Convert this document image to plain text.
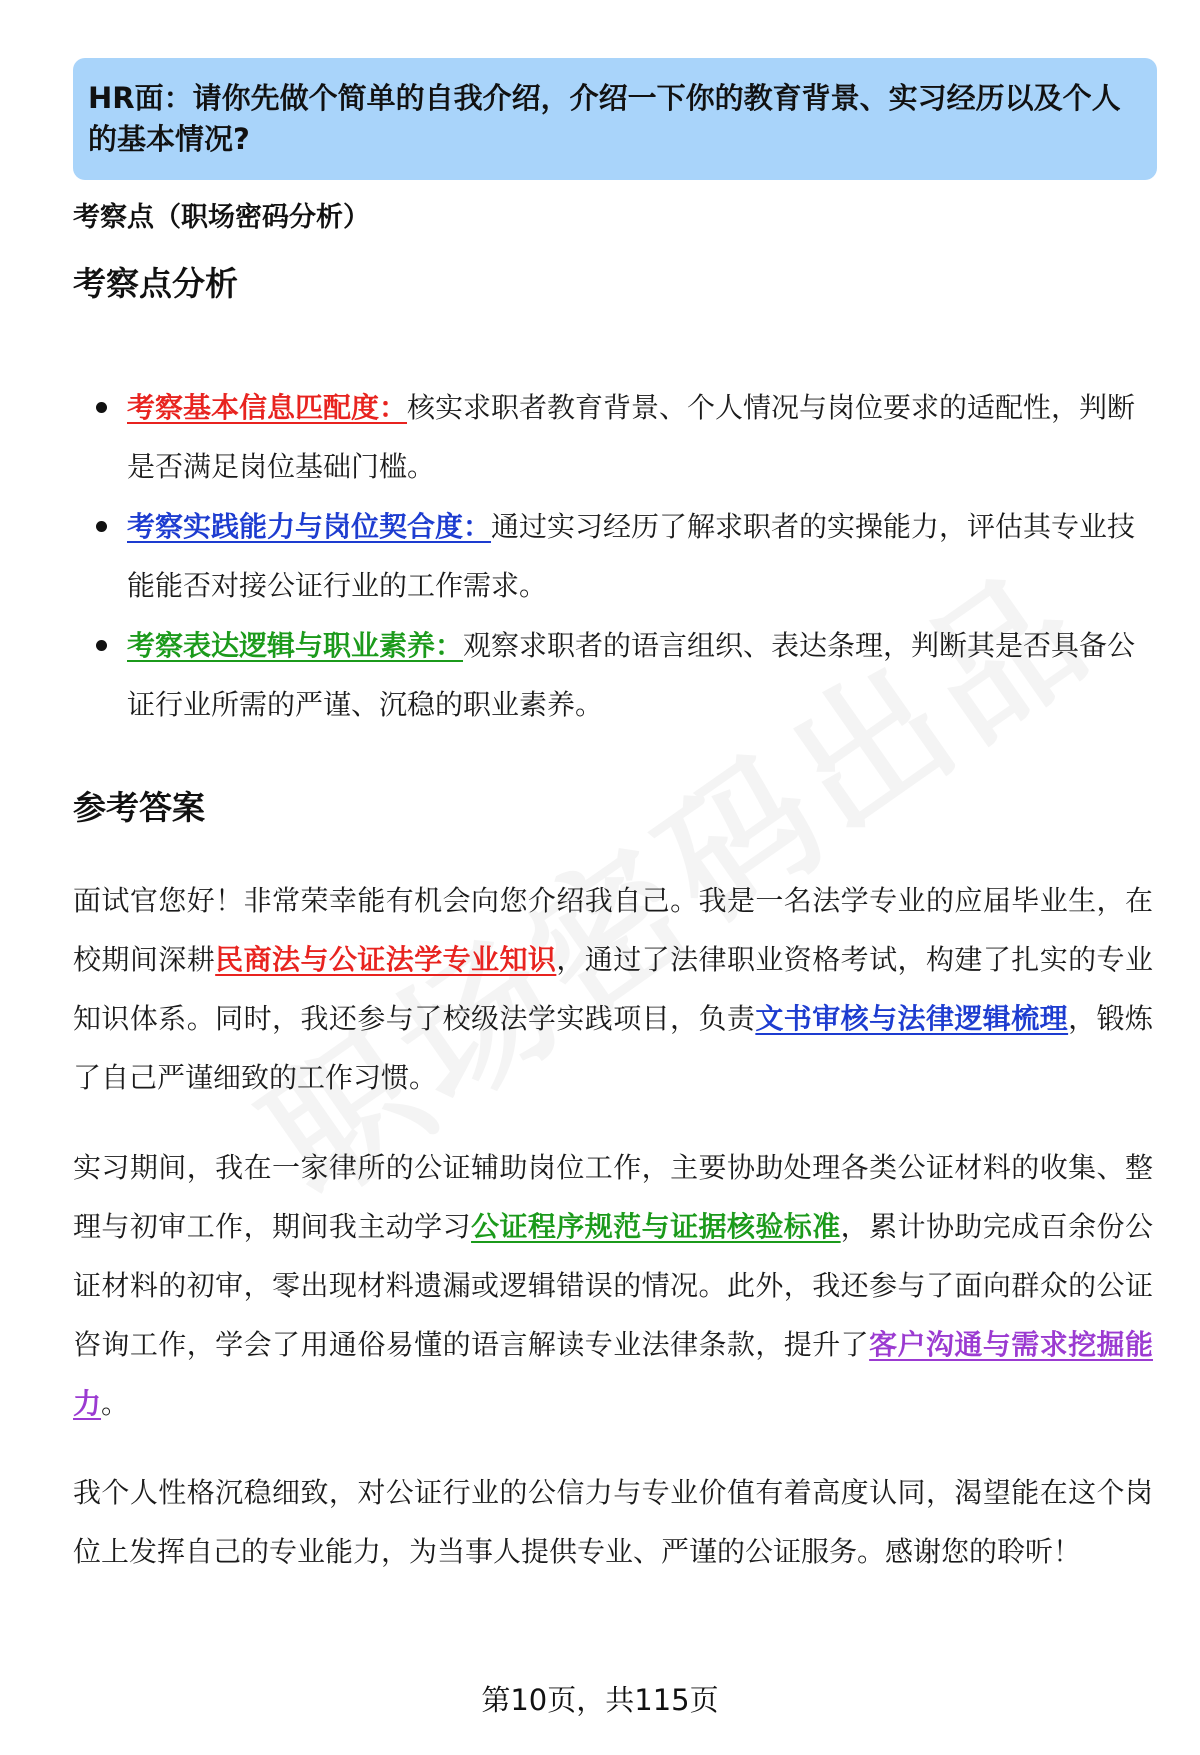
HR面：请你先做个简单的自我介绍，介绍一下你的教育背景、实习经历以及个人的基本情况?
考察点（职场密码分析）
考察点分析
考察基本信息匹配度：核实求职者教育背景、个人情况与岗位要求的适配性，判断是否满足岗位基础门槛。
考察实践能力与岗位契合度：通过实习经历了解求职者的实操能力，评估其专业技能能否对接公证行业的工作需求。
考察表达逻辑与职业素养：观察求职者的语言组织、表达条理，判断其是否具备公证行业所需的严谨、沉稳的职业素养。
参考答案

面试官您好！非常荣幸能有机会向您介绍我自己。我是一名法学专业的应届毕业生，在校期间深耕民商法与公证法学专业知识，通过了法律职业资格考试，构建了扎实的专业知识体系。同时，我还参与了校级法学实践项目，负责文书审核与法律逻辑梳理，锻炼了自己严谨细致的工作习惯。

实习期间，我在一家律所的公证辅助岗位工作，主要协助处理各类公证材料的收集、整理与初审工作，期间我主动学习公证程序规范与证据核验标准，累计协助完成百余份公证材料的初审，零出现材料遗漏或逻辑错误的情况。此外，我还参与了面向群众的公证咨询工作，学会了用通俗易懂的语言解读专业法律条款，提升了客户沟通与需求挖掘能力。

我个人性格沉稳细致，对公证行业的公信力与专业价值有着高度认同，渴望能在这个岗位上发挥自己的专业能力，为当事人提供专业、严谨的公证服务。感谢您的聆听！

第10页，共115页
